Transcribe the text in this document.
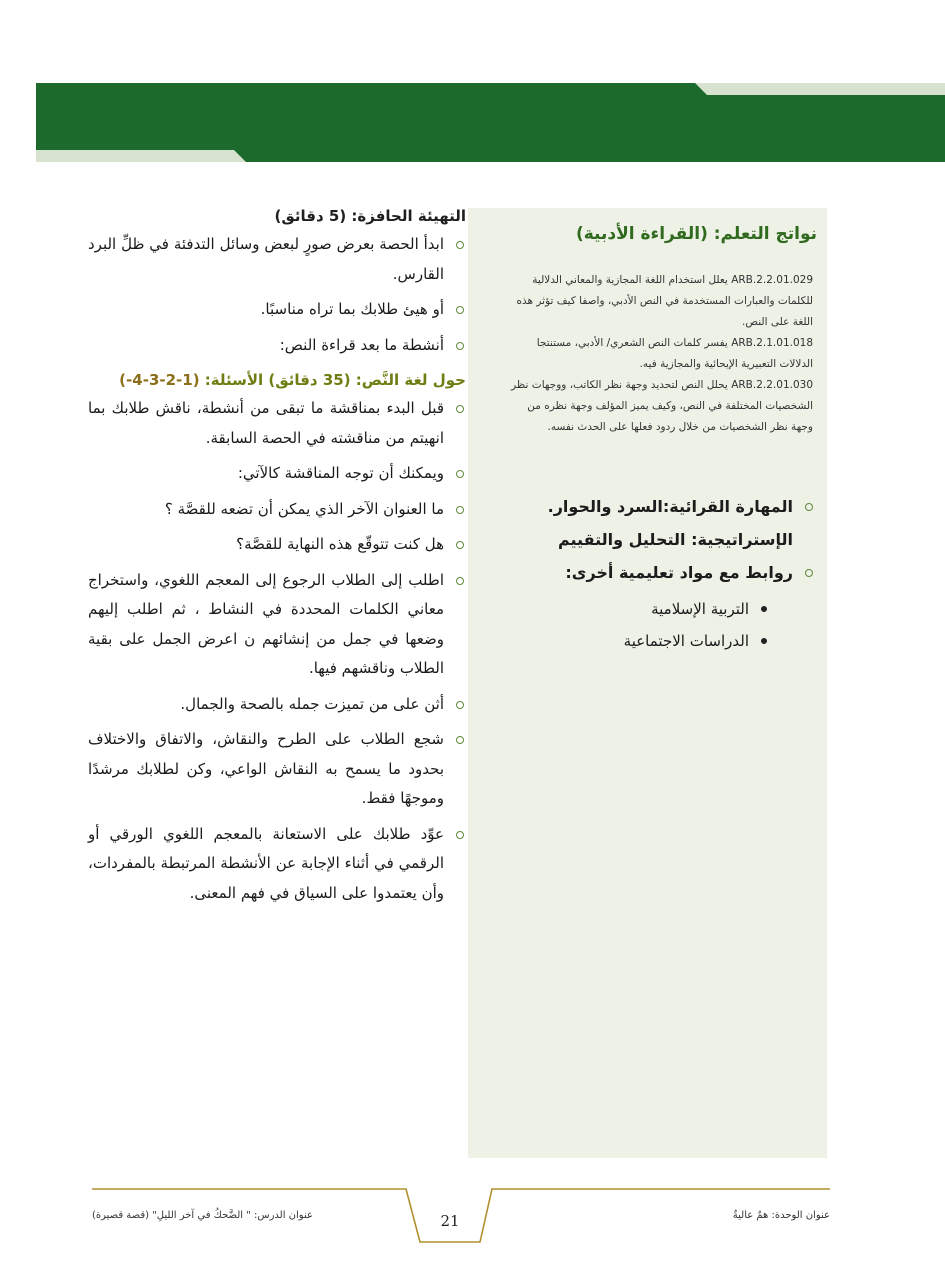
نواتج التعلم: (القراءة الأدبية)

ARB.2.2.01.029 يعلل استخدام اللغة المجازية والمعاني الدلالية للكلمات والعبارات المستخدمة في النص الأدبي، واصفا كيف تؤثر هذه اللغة على النص.

ARB.2.1.01.018 يفسر كلمات النص الشعري/ الأدبي، مستنتجا الدلالات التعبيرية الإيحائية والمجازية فيه.

ARB.2.2.01.030 يحلل النص لتحديد وجهة نظر الكاتب، ووجهات نظر الشخصيات المختلفة في النص، وكيف يميز المؤلف وجهة نظره من وجهة نظر الشخصيات من خلال ردود فعلها على الحدث نفسه.

المهارة القرائية:السرد والحوار.
الإستراتيجية: التحليل والتقييم
روابط مع مواد تعليمية أخرى:
التربية الإسلامية
الدراسات الاجتماعية
التهيئة الحافزة: (5 دقائق)
ابدأ الحصة بعرض صورٍ لبعض وسائل التدفئة في ظلِّ البرد القارس.
أو هيئ طلابك بما تراه مناسبًا.
أنشطة ما بعد قراءة النص:
حول لغة النَّص: (35 دقائق) الأسئلة: (1-2-3-4-)
قبل البدء بمناقشة ما تبقى من أنشطة، ناقش طلابك بما انهيتم من مناقشته في الحصة السابقة.
ويمكنك أن توجه المناقشة كالآتي:
ما العنوان الآخر الذي يمكن أن تضعه للقصَّة ؟
هل كنت تتوقّع هذه النهاية للقصَّة؟
اطلب إلى الطلاب الرجوع إلى المعجم اللغوي، واستخراج معاني الكلمات المحددة في النشاط ، ثم اطلب إليهم وضعها في جمل من إنشائهم ن اعرض الجمل على بقية الطلاب وناقشهم فيها.
أثن على من تميزت جمله بالصحة والجمال.
شجع الطلاب على الطرح والنقاش، والاتفاق والاختلاف بحدود ما يسمح به النقاش الواعي، وكن لطلابك مرشدًا وموجهًا فقط.
عوِّد طلابك على الاستعانة بالمعجم اللغوي الورقي أو الرقمي في أثناء الإجابة عن الأنشطة المرتبطة بالمفردات، وأن يعتمدوا على السياق في فهم المعنى.
عنوان الوحدة: همٌ عاليةٌ
عنوان الدرس: " الضَّحكُ في آخر الليلِ" (قصة قصيرة)	21
